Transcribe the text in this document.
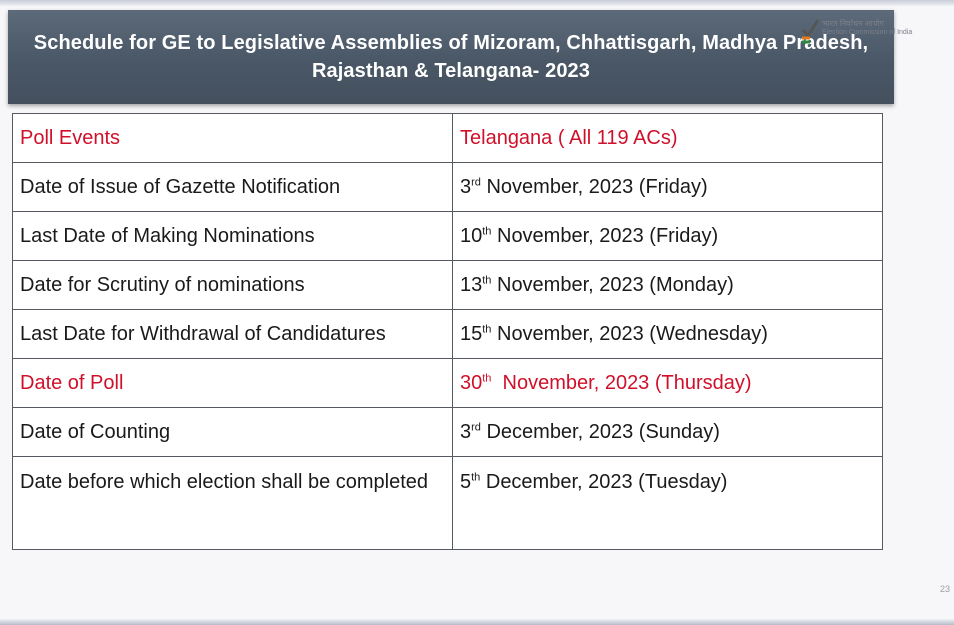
Schedule for GE to Legislative Assemblies of Mizoram, Chhattisgarh, Madhya Pradesh, Rajasthan & Telangana- 2023
भारत निर्वाचन आयोग
Election Commission of India
Poll Events	Telangana ( All 119 ACs)
Date of Issue of Gazette Notification	3rd November, 2023 (Friday)
Last Date of Making Nominations	10th November, 2023 (Friday)
Date for Scrutiny of nominations	13th November, 2023 (Monday)
Last Date for Withdrawal of Candidatures	15th November, 2023 (Wednesday)
Date of Poll	30th  November, 2023 (Thursday)
Date of Counting	3rd December, 2023 (Sunday)
Date before which election shall be completed	5th December, 2023 (Tuesday)
23
